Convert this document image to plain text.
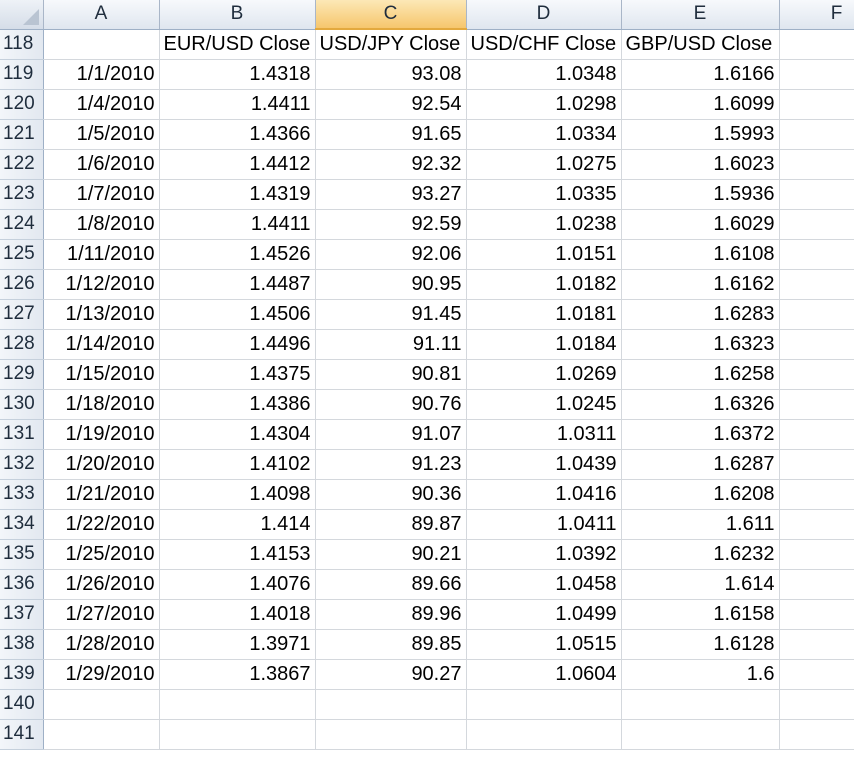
	A	B	C	D	E	F
118		EUR/USD Close	USD/JPY Close	USD/CHF Close	GBP/USD Close	
119	1/1/2010	1.4318	93.08	1.0348	1.6166	
120	1/4/2010	1.4411	92.54	1.0298	1.6099	
121	1/5/2010	1.4366	91.65	1.0334	1.5993	
122	1/6/2010	1.4412	92.32	1.0275	1.6023	
123	1/7/2010	1.4319	93.27	1.0335	1.5936	
124	1/8/2010	1.4411	92.59	1.0238	1.6029	
125	1/11/2010	1.4526	92.06	1.0151	1.6108	
126	1/12/2010	1.4487	90.95	1.0182	1.6162	
127	1/13/2010	1.4506	91.45	1.0181	1.6283	
128	1/14/2010	1.4496	91.11	1.0184	1.6323	
129	1/15/2010	1.4375	90.81	1.0269	1.6258	
130	1/18/2010	1.4386	90.76	1.0245	1.6326	
131	1/19/2010	1.4304	91.07	1.0311	1.6372	
132	1/20/2010	1.4102	91.23	1.0439	1.6287	
133	1/21/2010	1.4098	90.36	1.0416	1.6208	
134	1/22/2010	1.414	89.87	1.0411	1.611	
135	1/25/2010	1.4153	90.21	1.0392	1.6232	
136	1/26/2010	1.4076	89.66	1.0458	1.614	
137	1/27/2010	1.4018	89.96	1.0499	1.6158	
138	1/28/2010	1.3971	89.85	1.0515	1.6128	
139	1/29/2010	1.3867	90.27	1.0604	1.6	
140						
141						
